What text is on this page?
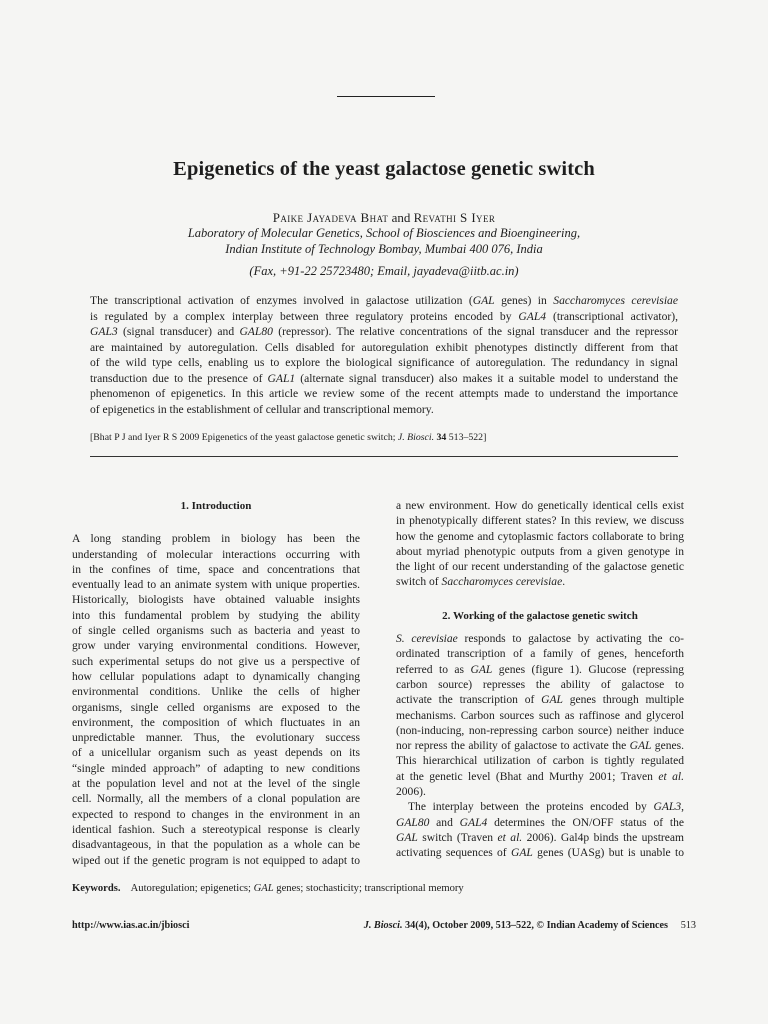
Epigenetics of the yeast galactose genetic switch
Paike Jayadeva Bhat and Revathi S Iyer
Laboratory of Molecular Genetics, School of Biosciences and Bioengineering,
Indian Institute of Technology Bombay, Mumbai 400 076, India
(Fax, +91-22 25723480; Email, jayadeva@iitb.ac.in)
The transcriptional activation of enzymes involved in galactose utilization (GAL genes) in Saccharomyces cerevisiae
is regulated by a complex interplay between three regulatory proteins encoded by GAL4 (transcriptional activator),
GAL3 (signal transducer) and GAL80 (repressor). The relative concentrations of the signal transducer and the repressor
are maintained by autoregulation. Cells disabled for autoregulation exhibit phenotypes distinctly different from that
of the wild type cells, enabling us to explore the biological significance of autoregulation. The redundancy in signal
transduction due to the presence of GAL1 (alternate signal transducer) also makes it a suitable model to understand the
phenomenon of epigenetics. In this article we review some of the recent attempts made to understand the importance
of epigenetics in the establishment of cellular and transcriptional memory.
[Bhat P J and Iyer R S 2009 Epigenetics of the yeast galactose genetic switch; J. Biosci. 34 513–522]
1. Introduction
A long standing problem in biology has been the
understanding of molecular interactions occurring with
in the confines of time, space and concentrations that
eventually lead to an animate system with unique properties.
Historically, biologists have obtained valuable insights
into this fundamental problem by studying the ability
of single celled organisms such as bacteria and yeast to
grow under varying environmental conditions. However,
such experimental setups do not give us a perspective of
how cellular populations adapt to dynamically changing
environmental conditions. Unlike the cells of higher
organisms, single celled organisms are exposed to the
environment, the composition of which fluctuates in an
unpredictable manner. Thus, the evolutionary success
of a unicellular organism such as yeast depends on its
“single minded approach” of adapting to new conditions
at the population level and not at the level of the single
cell. Normally, all the members of a clonal population are
expected to respond to changes in the environment in an
identical fashion. Such a stereotypical response is clearly
disadvantageous, in that the population as a whole can be
wiped out if the genetic program is not equipped to adapt to
a new environment. How do genetically identical cells exist
in phenotypically different states? In this review, we discuss
how the genome and cytoplasmic factors collaborate to bring
about myriad phenotypic outputs from a given genotype in
the light of our recent understanding of the galactose genetic
switch of Saccharomyces cerevisiae.
2. Working of the galactose genetic switch
S. cerevisiae responds to galactose by activating the co-
ordinated transcription of a family of genes, henceforth
referred to as GAL genes (figure 1). Glucose (repressing
carbon source) represses the ability of galactose to
activate the transcription of GAL genes through multiple
mechanisms. Carbon sources such as raffinose and glycerol
(non-inducing, non-repressing carbon source) neither induce
nor repress the ability of galactose to activate the GAL genes.
This hierarchical utilization of carbon is tightly regulated
at the genetic level (Bhat and Murthy 2001; Traven et al.
2006).
The interplay between the proteins encoded by GAL3,
GAL80 and GAL4 determines the ON/OFF status of the
GAL switch (Traven et al. 2006). Gal4p binds the upstream
activating sequences of GAL genes (UASg) but is unable to
Keywords. Autoregulation; epigenetics; GAL genes; stochasticity; transcriptional memory
http://www.ias.ac.in/jbiosci	J. Biosci. 34(4), October 2009, 513–522, © Indian Academy of Sciences 513
